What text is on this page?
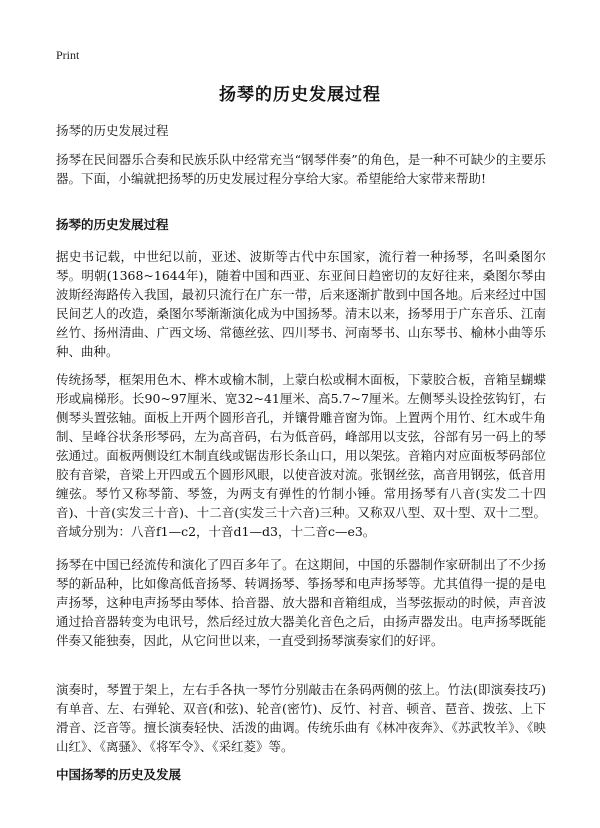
Print
扬琴的历史发展过程

扬琴的历史发展过程

扬琴在民间器乐合奏和民族乐队中经常充当“钢琴伴奏”的角色，是一种不可缺少的主要乐器。下面，小编就把扬琴的历史发展过程分享给大家。希望能给大家带来帮助!

扬琴的历史发展过程

据史书记载，中世纪以前，亚述、波斯等古代中东国家，流行着一种扬琴，名叫桑图尔琴。明朝(1368~1644年)，随着中国和西亚、东亚间日趋密切的友好往来，桑图尔琴由波斯经海路传入我国，最初只流行在广东一带，后来逐渐扩散到中国各地。后来经过中国民间艺人的改造，桑图尔琴渐渐演化成为中国扬琴。清末以来，扬琴用于广东音乐、江南丝竹、扬州清曲、广西文场、常德丝弦、四川琴书、河南琴书、山东琴书、榆林小曲等乐种、曲种。

传统扬琴，框架用色木、桦木或榆木制，上蒙白松或桐木面板，下蒙胶合板，音箱呈蝴蝶形或扁梯形。长90~97厘米、宽32~41厘米、高5.7~7厘米。左侧琴头设拴弦钩钉，右侧琴头置弦轴。面板上开两个圆形音孔，并镶骨雕音窗为饰。上置两个用竹、红木或牛角制、呈峰谷状条形琴码，左为高音码，右为低音码，峰部用以支弦，谷部有另一码上的琴弦通过。面板两侧设红木制直线或锯齿形长条山口，用以架弦。音箱内对应面板琴码部位胶有音梁，音梁上开四或五个圆形风眼，以使音波对流。张钢丝弦，高音用钢弦，低音用缠弦。琴竹又称琴箭、琴签，为两支有弹性的竹制小锤。常用扬琴有八音(实发二十四音)、十音(实发三十音)、十二音(实发三十六音)三种。又称双八型、双十型、双十二型。音域分别为：八音f1—c2，十音d1—d3，十二音c—e3。

扬琴在中国已经流传和演化了四百多年了。在这期间，中国的乐器制作家研制出了不少扬琴的新品种，比如像高低音扬琴、转调扬琴、筝扬琴和电声扬琴等。尤其值得一提的是电声扬琴，这种电声扬琴由琴体、拾音器、放大器和音箱组成，当琴弦振动的时候，声音波通过拾音器转变为电讯号，然后经过放大器美化音色之后，由扬声器发出。电声扬琴既能伴奏又能独奏，因此，从它问世以来，一直受到扬琴演奏家们的好评。

演奏时，琴置于架上，左右手各执一琴竹分别敲击在条码两侧的弦上。竹法(即演奏技巧)有单音、左、右弹轮、双音(和弦)、轮音(密竹)、反竹、衬音、顿音、琶音、拨弦、上下滑音、泛音等。擅长演奏轻快、活泼的曲调。传统乐曲有《林冲夜奔》、《苏武牧羊》、《映山红》、《离骚》、《将军令》、《采红菱》等。

中国扬琴的历史及发展
